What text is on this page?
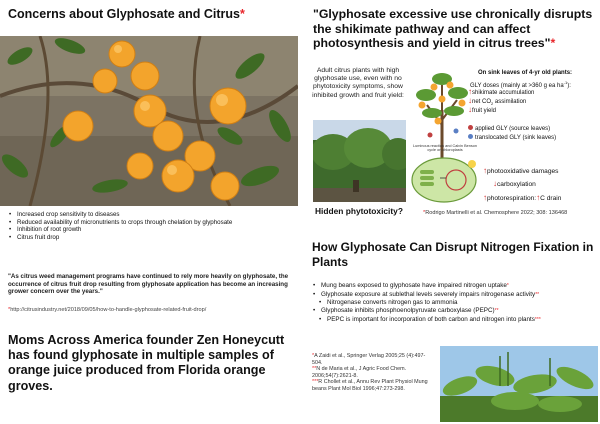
Concerns about Glyphosate and Citrus*
• Increased crop sensitivity to diseases
• Reduced availability of micronutrients to crops through chelation by glyphosate
• Inhibition of root growth
• Citrus fruit drop
"As citrus weed management programs have continued to rely more heavily on glyphosate, the occurrence of citrus fruit drop resulting from glyphosate application has become an increasing grower concern over the years."
*http://citrusindustry.net/2018/09/05/how-to-handle-glyphosate-related-fruit-drop/
Moms Across America founder Zen Honeycutt has found glyphosate in multiple samples of orange juice produced from Florida orange groves.
"Glyphosate excessive use chronically disrupts the shikimate pathway and can affect photosynthesis and yield in citrus trees"*
Adult citrus plants with high glyphosate use, even with no phytotoxicity symptoms, show inhibited growth and fruit yield:
Hidden phytotoxicity?
On sink leaves of 4-yr old plants:
GLY doses (mainly at >360 g ea $ha^{-1}$):
↑shikimate accumulation
↓net $CO_2$ assimilation
↓fruit yield
applied GLY (source leaves)
translocated GLY (sink leaves)
Luminous reaction and Calvin Benson cycle on chloroplasts
↑photooxidative damages
↓carboxylation
↑photorespiration:↑C drain
*Rodrigo Martinelli et al. Chemosphere 2022; 308: 136468
How Glyphosate Can Disrupt Nitrogen Fixation in Plants
• Mung beans exposed to glyphosate have impaired nitrogen uptake*
• Glyphosate exposure at sublethal levels severely impairs nitrogenase activity**
• Nitrogenase converts nitrogen gas to ammonia
• Glyphosate inhibits phosphoenolpyruvate carboxylase (PEPC)**
• PEPC is important for incorporation of both carbon and nitrogen into plants***
*A Zaidi et al., Springer Verlag 2005;25 (4):497-504.
**N de Maria et al., J Agric Food Chem. 2006;54(7):2621-8.
***R Chollet et al., Annu Rev Plant Physiol Mung beans Plant Mol Biol 1996;47:273-298.
